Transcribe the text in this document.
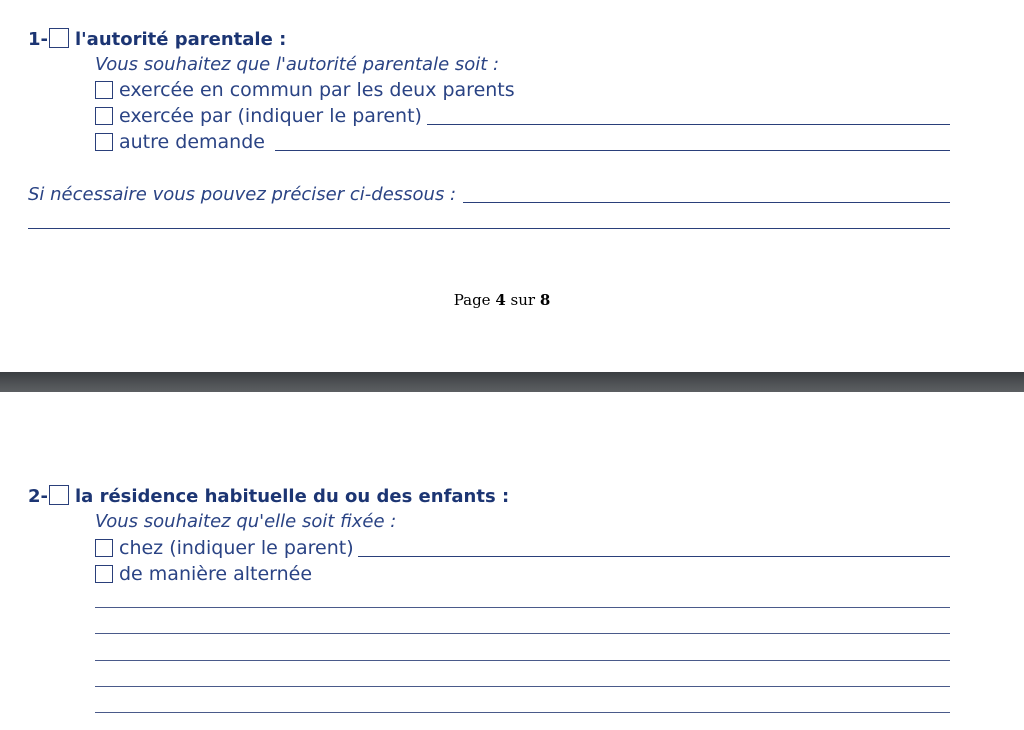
1- l'autorité parentale :
Vous souhaitez que l'autorité parentale soit :
exercée en commun par les deux parents
exercée par (indiquer le parent)
autre demande
Si nécessaire vous pouvez préciser ci-dessous :
Page 4 sur 8
2- la résidence habituelle du ou des enfants :
Vous souhaitez qu'elle soit fixée :
chez (indiquer le parent)
de manière alternée
